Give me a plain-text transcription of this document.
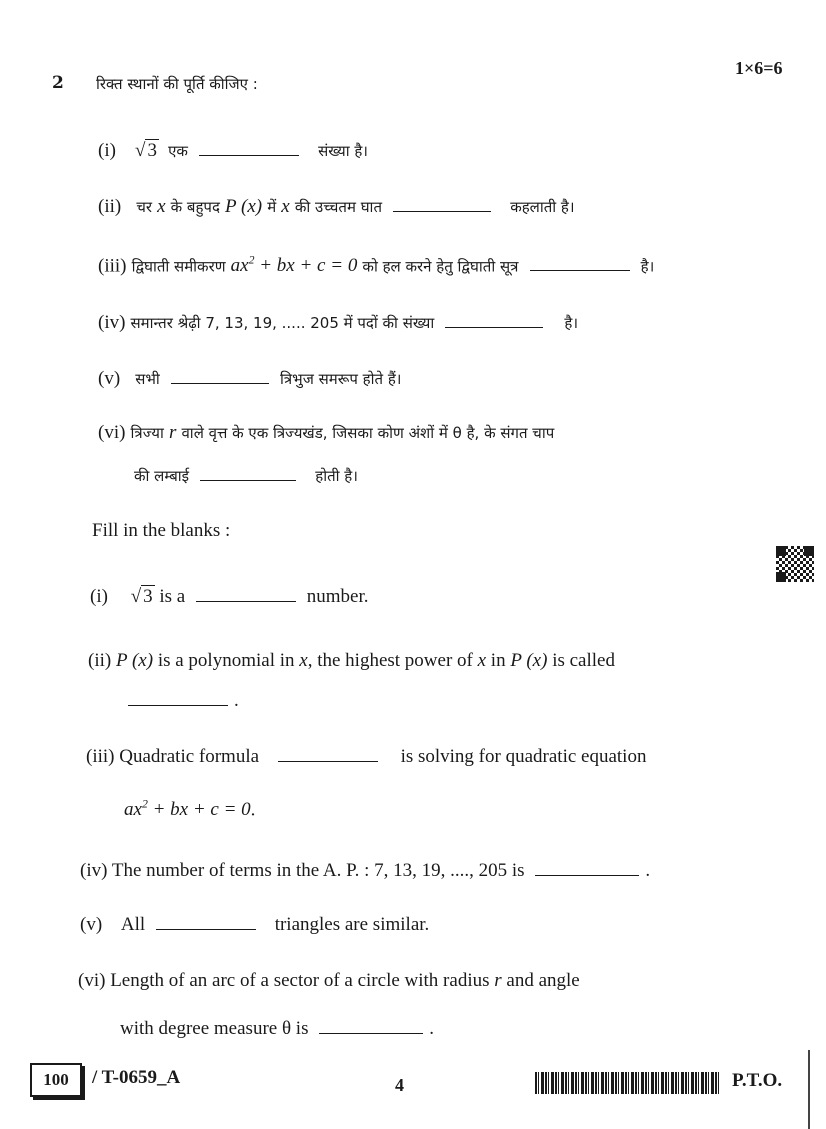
2 रिक्त स्थानों की पूर्ति कीजिए :
1×6=6
(i) √ 3 एक	संख्या है।
(ii) चर x के बहुपद P (x) में x की उच्चतम घात	कहलाती है।
(iii) द्विघाती समीकरण $ax^2$ + bx + c = 0 को हल करने हेतु द्विघाती सूत्र	है।
(iv) समान्तर श्रेढ़ी 7, 13, 19, ..... 205 में पदों की संख्या	है।
(v) सभी	त्रिभुज समरूप होते हैं।
(vi) त्रिज्या r वाले वृत्त के एक त्रिज्यखंड, जिसका कोण अंशों में θ है, के संगत चाप
की लम्बाई	होती है।
Fill in the blanks :
(i) √ 3 is a	number.
(ii) P (x) is a polynomial in x, the highest power of x in P (x) is called
.
(iii) Quadratic formula	is solving for quadratic equation
$ax^2$ + bx + c = 0.
(iv) The number of terms in the A. P. : 7, 13, 19, ...., 205 is	.
(v) All	triangles are similar.
(vi) Length of an arc of a sector of a circle with radius r and angle
with degree measure θ is	.
100	/ T-0659_A	4	P.T.O.
